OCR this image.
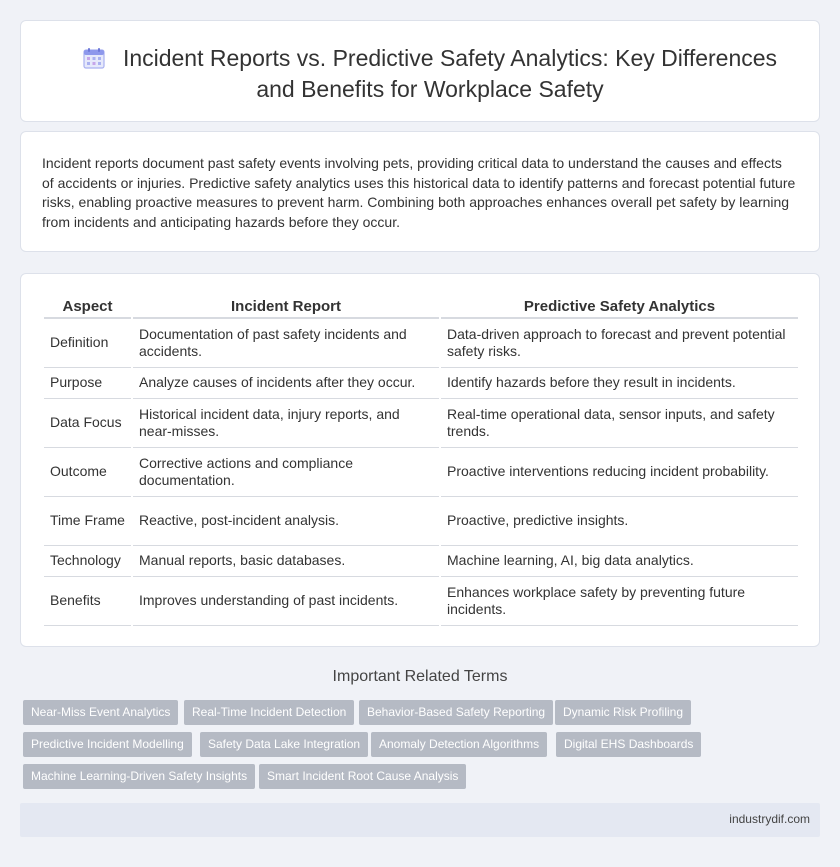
Incident Reports vs. Predictive Safety Analytics: Key Differences
and Benefits for Workplace Safety

Incident reports document past safety events involving pets, providing critical data to understand the causes and effects of accidents or injuries. Predictive safety analytics uses this historical data to identify patterns and forecast potential future risks, enabling proactive measures to prevent harm. Combining both approaches enhances overall pet safety by learning from incidents and anticipating hazards before they occur.

Aspect	Incident Report	Predictive Safety Analytics
Definition	Documentation of past safety incidents and accidents.	Data-driven approach to forecast and prevent potential safety risks.
Purpose	Analyze causes of incidents after they occur.	Identify hazards before they result in incidents.
Data Focus	Historical incident data, injury reports, and near-misses.	Real-time operational data, sensor inputs, and safety trends.
Outcome	Corrective actions and compliance documentation.	Proactive interventions reducing incident probability.
Time Frame	Reactive, post-incident analysis.	Proactive, predictive insights.
Technology	Manual reports, basic databases.	Machine learning, AI, big data analytics.
Benefits	Improves understanding of past incidents.	Enhances workplace safety by preventing future incidents.
Important Related Terms
Near-Miss Event Analytics	Real-Time Incident Detection	Behavior-Based Safety Reporting	Dynamic Risk Profiling
Predictive Incident Modelling	Safety Data Lake Integration	Anomaly Detection Algorithms	Digital EHS Dashboards
Machine Learning-Driven Safety Insights	Smart Incident Root Cause Analysis
industrydif.com
